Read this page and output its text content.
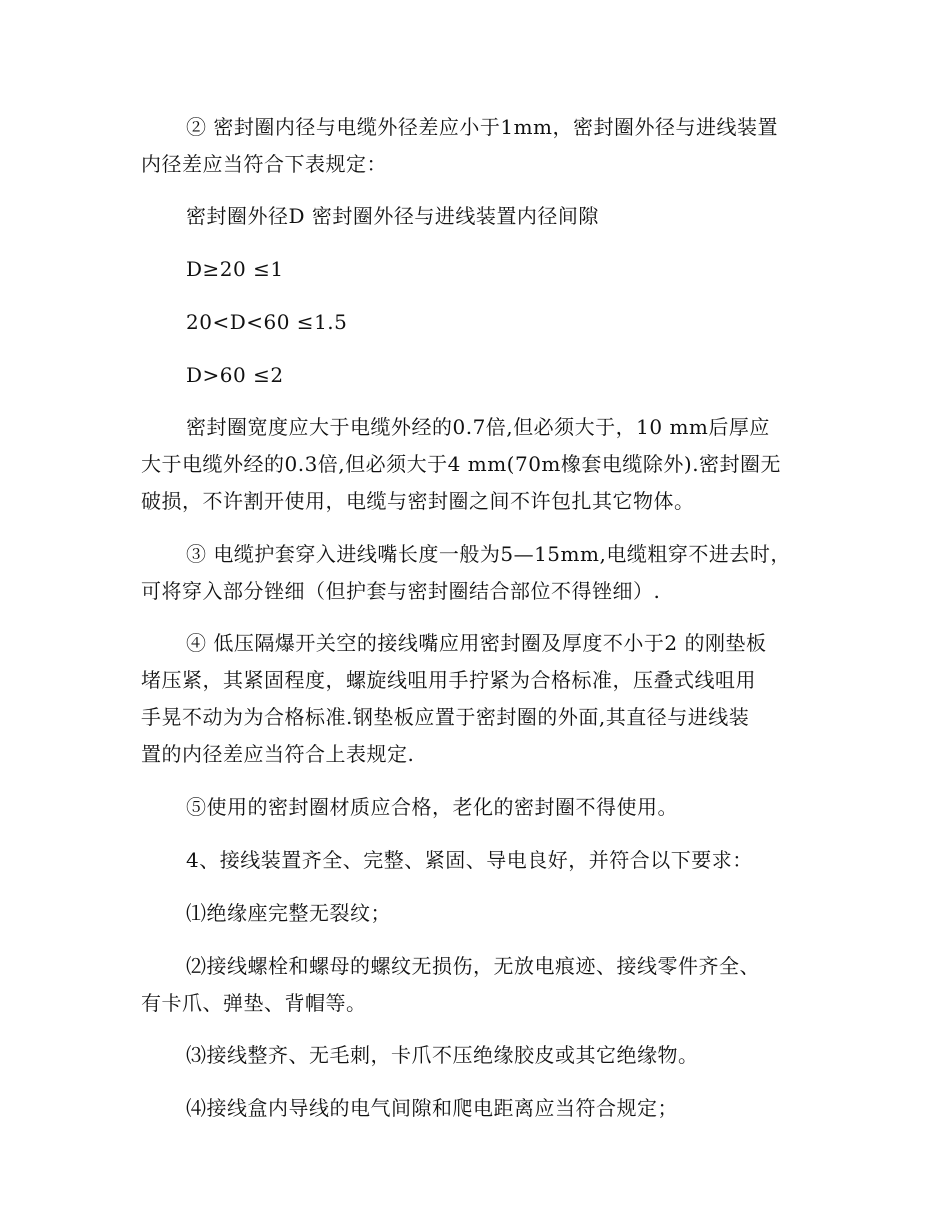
② 密封圈内径与电缆外径差应小于1mm，密封圈外径与进线装置
内径差应当符合下表规定：
密封圈外径D 密封圈外径与进线装置内径间隙
D≥20 ≤1
20<D<60 ≤1.5
D>60 ≤2
密封圈宽度应大于电缆外经的0.7倍,但必须大于，10 mm后厚应
大于电缆外经的0.3倍,但必须大于4 mm(70m橡套电缆除外).密封圈无
破损，不许割开使用，电缆与密封圈之间不许包扎其它物体。
③ 电缆护套穿入进线嘴长度一般为5—15mm,电缆粗穿不进去时，
可将穿入部分锉细（但护套与密封圈结合部位不得锉细）.
④ 低压隔爆开关空的接线嘴应用密封圈及厚度不小于2 的刚垫板
堵压紧，其紧固程度，螺旋线咀用手拧紧为合格标准，压叠式线咀用
手晃不动为为合格标准.钢垫板应置于密封圈的外面,其直径与进线装
置的内径差应当符合上表规定.
⑤使用的密封圈材质应合格，老化的密封圈不得使用。
4、接线装置齐全、完整、紧固、导电良好，并符合以下要求：
⑴绝缘座完整无裂纹；
⑵接线螺栓和螺母的螺纹无损伤，无放电痕迹、接线零件齐全、
有卡爪、弹垫、背帽等。
⑶接线整齐、无毛刺，卡爪不压绝缘胶皮或其它绝缘物。
⑷接线盒内导线的电气间隙和爬电距离应当符合规定；
